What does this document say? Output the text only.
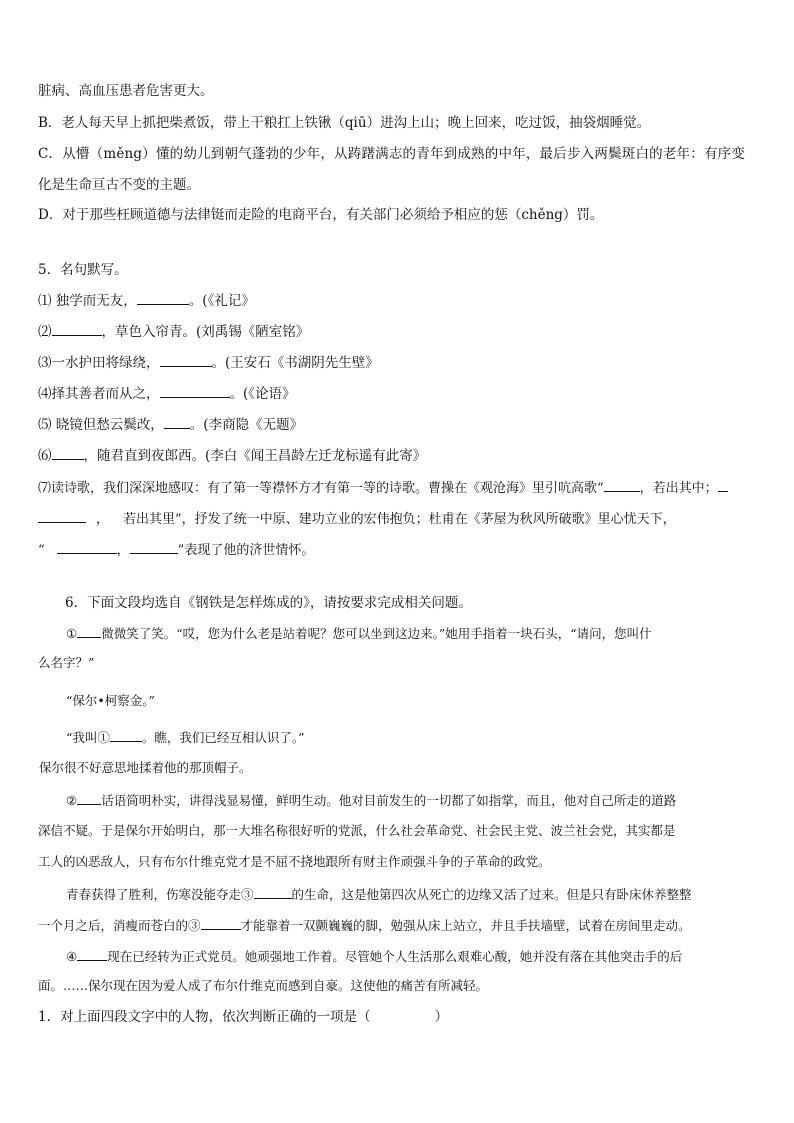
脏病、高血压患者危害更大。
B．老人每天早上抓把柴煮饭，带上干粮扛上铁锹（qiū）进沟上山；晚上回来，吃过饭，抽袋烟睡觉。
C．从懵（měng）懂的幼儿到朝气蓬勃的少年，从踌躇满志的青年到成熟的中年，最后步入两鬓斑白的老年：有序变
化是生命亘古不变的主题。
D．对于那些枉顾道德与法律铤而走险的电商平台，有关部门必须给予相应的惩（chěng）罚。
5．名句默写。
⑴ 独学而无友，	。(《礼记》
⑵	，草色入帘青。(刘禹锡《陋室铭》
⑶一水护田将绿绕，	。(王安石《书湖阴先生壁》
⑷择其善者而从之，	。(《论语》
⑸ 晓镜但愁云鬓改， 。(李商隐《无题》
⑹ ，随君直到夜郎西。(李白《闻王昌龄左迁龙标遥有此寄》
⑺读诗歌，我们深深地感叹：有了第一等襟怀方才有第一等的诗歌。曹操在《观沧海》里引吭高歌“	，若出其中；
， 若出其里”，抒发了统一中原、建功立业的宏伟抱负；杜甫在《茅屋为秋风所破歌》里心忧天下，
“	，	”表现了他的济世情怀。
6．下面文段均选自《钢铁是怎样炼成的》，请按要求完成相关问题。
① 微微笑了笑。“哎，您为什么老是站着呢？您可以坐到这边来。”她用手指着一块石头，“请问，您叫什
么名字？”
“保尔•柯察金。”
“我叫①	。瞧，我们已经互相认识了。”
保尔很不好意思地揉着他的那顶帽子。
② 话语简明朴实，讲得浅显易懂，鲜明生动。他对目前发生的一切都了如指掌，而且，他对自己所走的道路
深信不疑。于是保尔开始明白，那一大堆名称很好听的党派，什么社会革命党、社会民主党、波兰社会党，其实都是
工人的凶恶敌人，只有布尔什维克党才是不屈不挠地跟所有财主作顽强斗争的子革命的政党。
青春获得了胜利，伤寒没能夺走③	的生命，这是他第四次从死亡的边缘又活了过来。但是只有卧床休养整整
一个月之后，消瘦而苍白的③	才能靠着一双颤巍巍的脚，勉强从床上站立，并且手扶墙壁，试着在房间里走动。
④ 现在已经转为正式党员。她顽强地工作着。尽管她个人生活那么艰难心酸，她并没有落在其他突击手的后
面。……保尔现在因为爱人成了布尔什维克而感到自豪。这使他的痛苦有所减轻。
1．对上面四段文字中的人物，依次判断正确的一项是（	）
